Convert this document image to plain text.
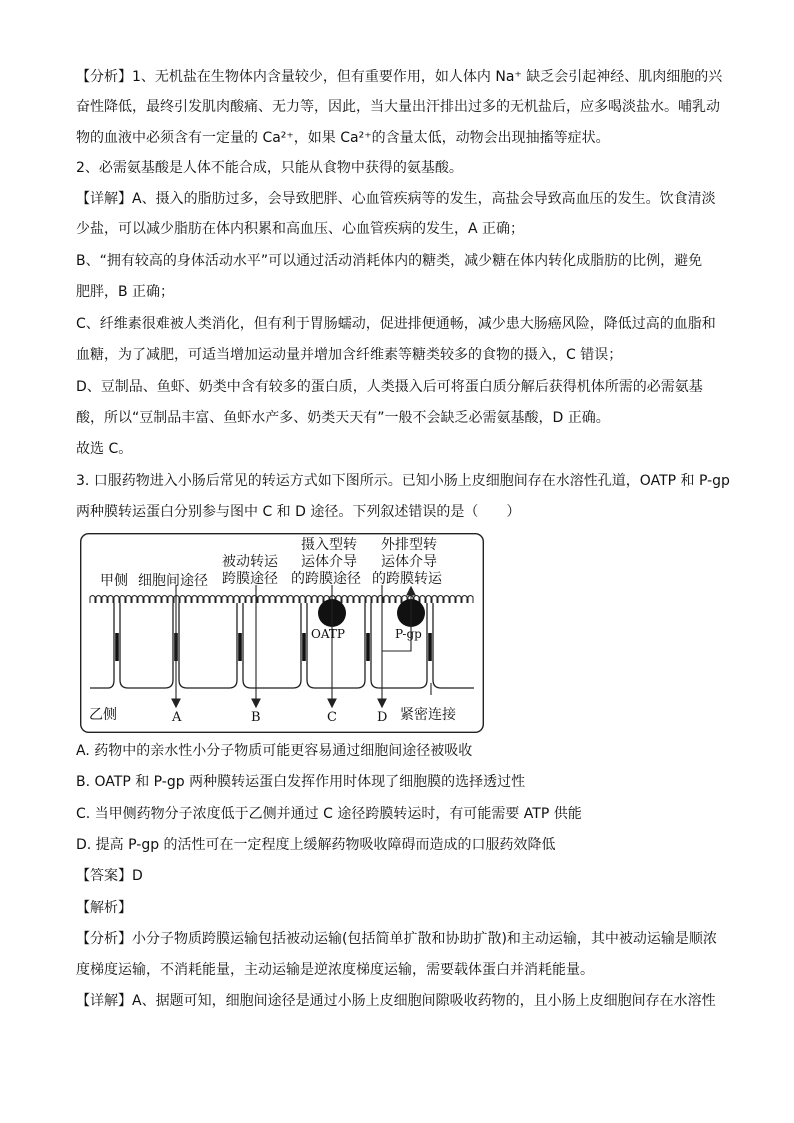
【分析】1、无机盐在生物体内含量较少，但有重要作用，如人体内 Na⁺ 缺乏会引起神经、肌肉细胞的兴
奋性降低，最终引发肌肉酸痛、无力等，因此，当大量出汗排出过多的无机盐后，应多喝淡盐水。哺乳动
物的血液中必须含有一定量的 Ca²⁺，如果 Ca²⁺的含量太低，动物会出现抽搐等症状。
2、必需氨基酸是人体不能合成，只能从食物中获得的氨基酸。
【详解】A、摄入的脂肪过多，会导致肥胖、心血管疾病等的发生，高盐会导致高血压的发生。饮食清淡
少盐，可以减少脂肪在体内积累和高血压、心血管疾病的发生，A 正确；
B、“拥有较高的身体活动水平”可以通过活动消耗体内的糖类，减少糖在体内转化成脂肪的比例，避免
肥胖，B 正确；
C、纤维素很难被人类消化，但有利于胃肠蠕动，促进排便通畅，减少患大肠癌风险，降低过高的血脂和
血糖，为了减肥，可适当增加运动量并增加含纤维素等糖类较多的食物的摄入，C 错误；
D、豆制品、鱼虾、奶类中含有较多的蛋白质，人类摄入后可将蛋白质分解后获得机体所需的必需氨基
酸，所以“豆制品丰富、鱼虾水产多、奶类天天有”一般不会缺乏必需氨基酸，D 正确。
故选 C。
3. 口服药物进入小肠后常见的转运方式如下图所示。已知小肠上皮细胞间存在水溶性孔道，OATP 和 P-gp
两种膜转运蛋白分别参与图中 C 和 D 途径。下列叙述错误的是（　　）
甲侧 细胞间途径
被动转运
跨膜途径
摄入型转
运体介导
的跨膜途径
外排型转
运体介导
的跨膜转运
OATP	P-gp
乙侧	A	B	C	D 紧密连接
A. 药物中的亲水性小分子物质可能更容易通过细胞间途径被吸收
B. OATP 和 P-gp 两种膜转运蛋白发挥作用时体现了细胞膜的选择透过性
C. 当甲侧药物分子浓度低于乙侧并通过 C 途径跨膜转运时，有可能需要 ATP 供能
D. 提高 P-gp 的活性可在一定程度上缓解药物吸收障碍而造成的口服药效降低
【答案】D
【解析】
【分析】小分子物质跨膜运输包括被动运输(包括简单扩散和协助扩散)和主动运输，其中被动运输是顺浓
度梯度运输，不消耗能量，主动运输是逆浓度梯度运输，需要载体蛋白并消耗能量。
【详解】A、据题可知，细胞间途径是通过小肠上皮细胞间隙吸收药物的，且小肠上皮细胞间存在水溶性
